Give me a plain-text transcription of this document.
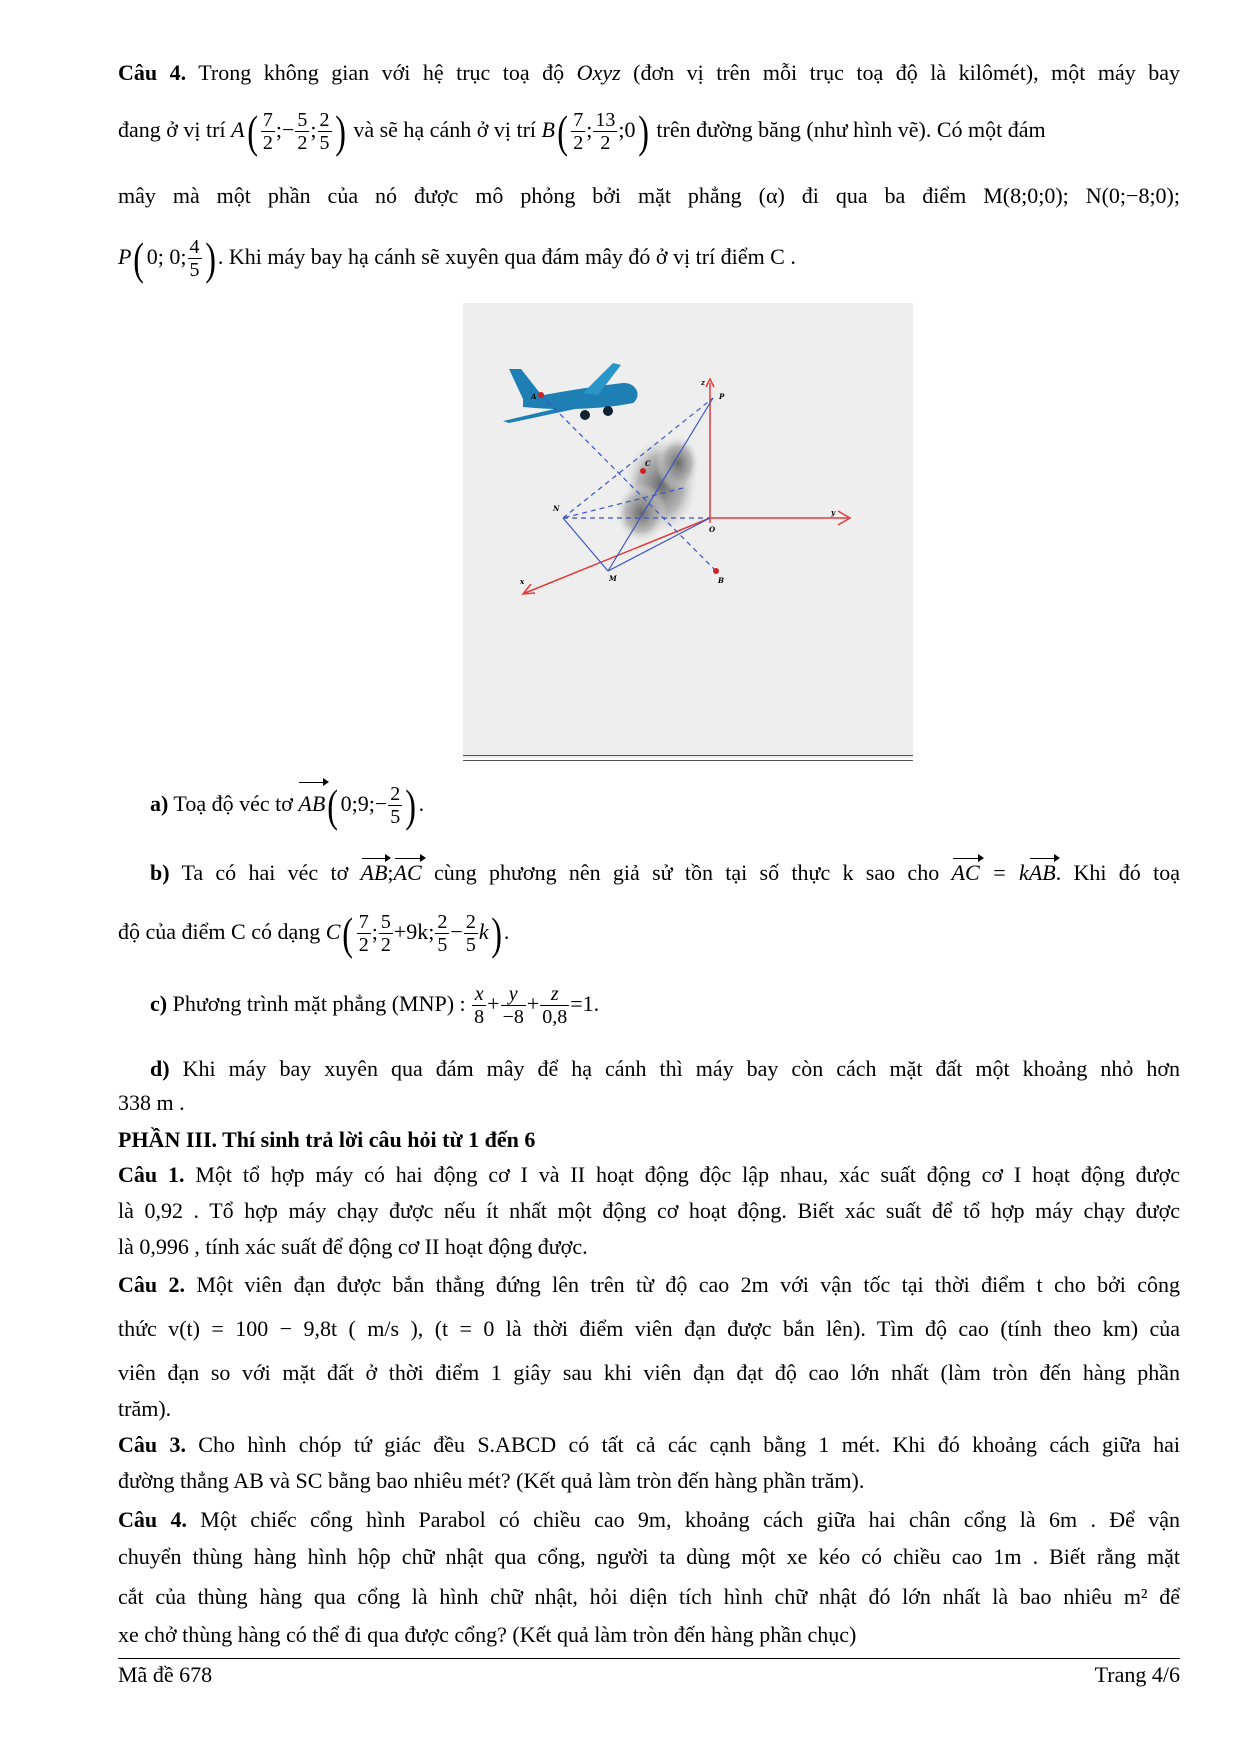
Câu 4. Trong không gian với hệ trục toạ độ Oxyz (đơn vị trên mỗi trục toạ độ là kilômét), một máy bay
đang ở vị trí $A( \frac{7}{2}$ ;− $\frac{5}{2}$ ; $\frac{2}{5}$ ) và sẽ hạ cánh ở vị trí $B( \frac{7}{2}$ ; $\frac{13}{2}$ ;0) trên đường băng (như hình vẽ). Có một đám
mây mà một phần của nó được mô phỏng bởi mặt phẳng (α) đi qua ba điểm M(8;0;0); N(0;−8;0);
P( 0; 0; $\frac{4}{5}$ ) . Khi máy bay hạ cánh sẽ xuyên qua đám mây đó ở vị trí điểm C .
A	P
C
N
O
M	B
x
y
z
a) Toạ độ véc tơ AB( 0;9;− $\frac{2}{5}$ ) .
b) Ta có hai véc tơ AB;AC cùng phương nên giả sử tồn tại số thực k sao cho AC = kAB. Khi đó toạ
độ của điểm C có dạng $C( \frac{7}{2}$ ; $\frac{5}{2} +9k$; $\frac{2}{5} - \frac{2}{5} k$) .
c) Phương trình mặt phẳng (MNP) : $\frac{x}{8} + \frac{y}{-8} + \frac{z}{0,8} =1$.
d) Khi máy bay xuyên qua đám mây để hạ cánh thì máy bay còn cách mặt đất một khoảng nhỏ hơn
338 m .
PHẦN III. Thí sinh trả lời câu hỏi từ 1 đến 6
Câu 1. Một tổ hợp máy có hai động cơ I và II hoạt động độc lập nhau, xác suất động cơ I hoạt động được
là 0,92 . Tổ hợp máy chạy được nếu ít nhất một động cơ hoạt động. Biết xác suất để tổ hợp máy chạy được
là 0,996 , tính xác suất để động cơ II hoạt động được.
Câu 2. Một viên đạn được bắn thẳng đứng lên trên từ độ cao 2m với vận tốc tại thời điểm t cho bởi công
thức v(t) = 100 − 9,8t ( m/s ), (t = 0 là thời điểm viên đạn được bắn lên). Tìm độ cao (tính theo km) của
viên đạn so với mặt đất ở thời điểm 1 giây sau khi viên đạn đạt độ cao lớn nhất (làm tròn đến hàng phần
trăm).
Câu 3. Cho hình chóp tứ giác đều S.ABCD có tất cả các cạnh bằng 1 mét. Khi đó khoảng cách giữa hai
đường thẳng AB và SC bằng bao nhiêu mét? (Kết quả làm tròn đến hàng phần trăm).
Câu 4. Một chiếc cổng hình Parabol có chiều cao 9m, khoảng cách giữa hai chân cổng là 6m . Để vận
chuyển thùng hàng hình hộp chữ nhật qua cổng, người ta dùng một xe kéo có chiều cao 1m . Biết rằng mặt
cắt của thùng hàng qua cổng là hình chữ nhật, hỏi diện tích hình chữ nhật đó lớn nhất là bao nhiêu m² để
xe chở thùng hàng có thể đi qua được cổng? (Kết quả làm tròn đến hàng phần chục)
Mã đề 678	Trang 4/6
